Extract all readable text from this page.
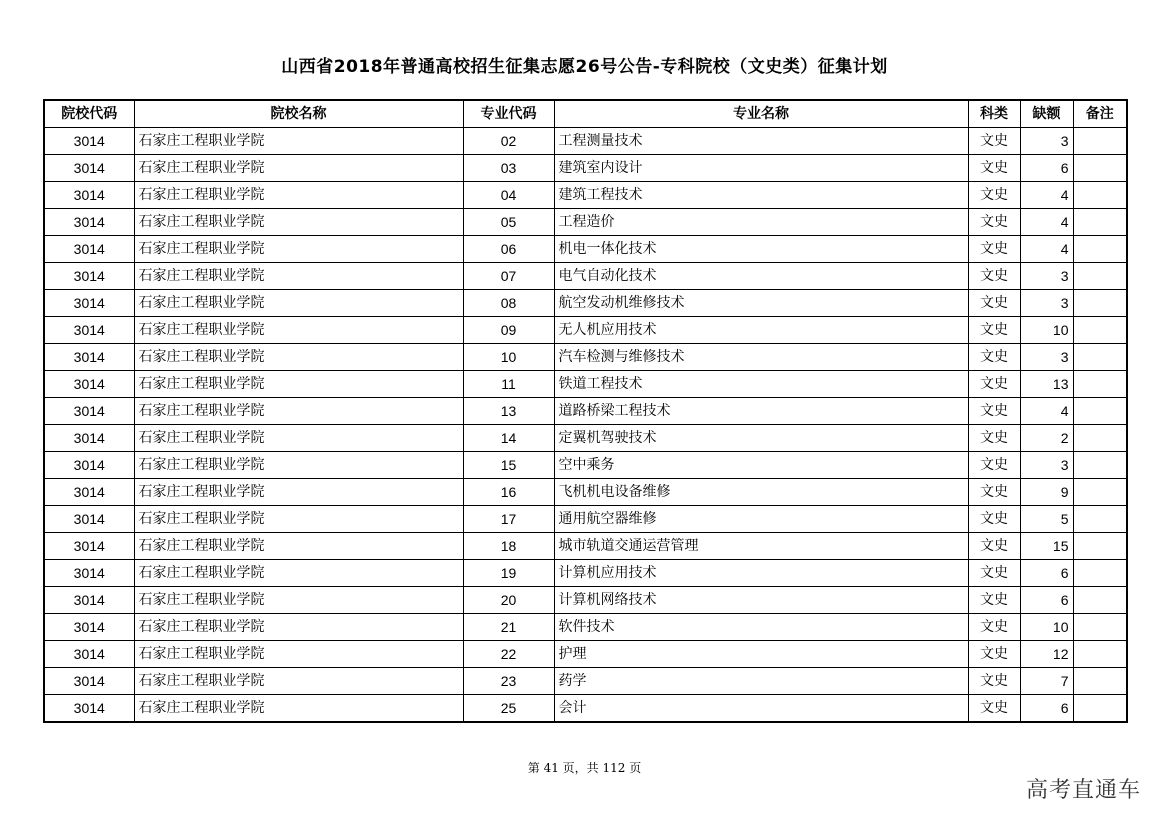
山西省2018年普通高校招生征集志愿26号公告-专科院校（文史类）征集计划
院校代码	院校名称	专业代码	专业名称	科类	缺额	备注
3014	石家庄工程职业学院	02	工程测量技术	文史	3	
3014	石家庄工程职业学院	03	建筑室内设计	文史	6	
3014	石家庄工程职业学院	04	建筑工程技术	文史	4	
3014	石家庄工程职业学院	05	工程造价	文史	4	
3014	石家庄工程职业学院	06	机电一体化技术	文史	4	
3014	石家庄工程职业学院	07	电气自动化技术	文史	3	
3014	石家庄工程职业学院	08	航空发动机维修技术	文史	3	
3014	石家庄工程职业学院	09	无人机应用技术	文史	10	
3014	石家庄工程职业学院	10	汽车检测与维修技术	文史	3	
3014	石家庄工程职业学院	11	铁道工程技术	文史	13	
3014	石家庄工程职业学院	13	道路桥梁工程技术	文史	4	
3014	石家庄工程职业学院	14	定翼机驾驶技术	文史	2	
3014	石家庄工程职业学院	15	空中乘务	文史	3	
3014	石家庄工程职业学院	16	飞机机电设备维修	文史	9	
3014	石家庄工程职业学院	17	通用航空器维修	文史	5	
3014	石家庄工程职业学院	18	城市轨道交通运营管理	文史	15	
3014	石家庄工程职业学院	19	计算机应用技术	文史	6	
3014	石家庄工程职业学院	20	计算机网络技术	文史	6	
3014	石家庄工程职业学院	21	软件技术	文史	10	
3014	石家庄工程职业学院	22	护理	文史	12	
3014	石家庄工程职业学院	23	药学	文史	7	
3014	石家庄工程职业学院	25	会计	文史	6	
第 41 页，共 112 页
高考直通车
